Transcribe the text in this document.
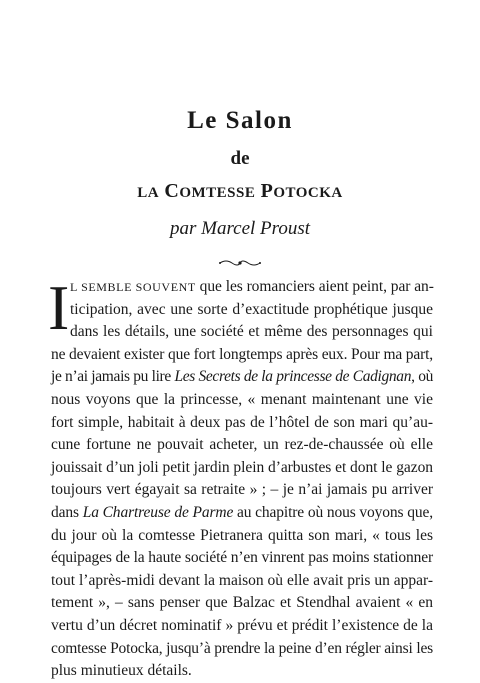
Le Salon
de
LA COMTESSE POTOCKA
par Marcel Proust
I L SEMBLE SOUVENT que les romanciers aient peint, par an-
ticipation, avec une sorte d’exactitude prophétique jusque
dans les détails, une société et même des personnages qui
ne devaient exister que fort longtemps après eux. Pour ma part,
je n’ai jamais pu lire Les Secrets de la princesse de Cadignan, où
nous voyons que la princesse, « menant maintenant une vie
fort simple, habitait à deux pas de l’hôtel de son mari qu’au-
cune fortune ne pouvait acheter, un rez-de-chaussée où elle
jouissait d’un joli petit jardin plein d’arbustes et dont le gazon
toujours vert égayait sa retraite » ; – je n’ai jamais pu arriver
dans La Chartreuse de Parme au chapitre où nous voyons que,
du jour où la comtesse Pietranera quitta son mari, « tous les
équipages de la haute société n’en vinrent pas moins stationner
tout l’après-midi devant la maison où elle avait pris un appar-
tement », – sans penser que Balzac et Stendhal avaient « en
vertu d’un décret nominatif » prévu et prédit l’existence de la
comtesse Potocka, jusqu’à prendre la peine d’en régler ainsi les
plus minutieux détails.
